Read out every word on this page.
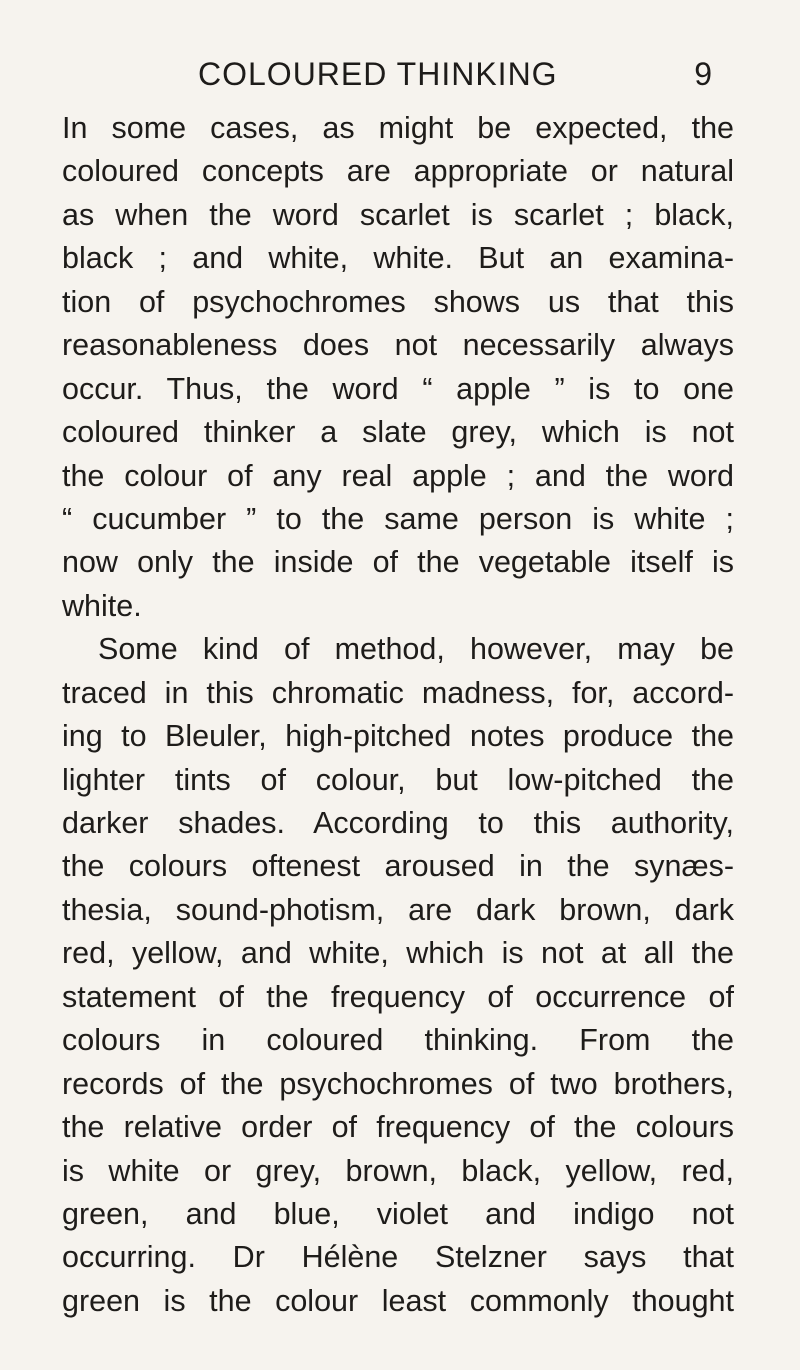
COLOURED THINKING	9
In some cases, as might be expected, the
coloured concepts are appropriate or natural
as when the word scarlet is scarlet ; black,
black ; and white, white. But an examina-
tion of psychochromes shows us that this
reasonableness does not necessarily always
occur. Thus, the word “ apple ” is to one
coloured thinker a slate grey, which is not
the colour of any real apple ; and the word
“ cucumber ” to the same person is white ;
now only the inside of the vegetable itself is
white.
Some kind of method, however, may be
traced in this chromatic madness, for, accord-
ing to Bleuler, high-pitched notes produce the
lighter tints of colour, but low-pitched the
darker shades. According to this authority,
the colours oftenest aroused in the synæs-
thesia, sound-photism, are dark brown, dark
red, yellow, and white, which is not at all the
statement of the frequency of occurrence of
colours in coloured thinking. From the
records of the psychochromes of two brothers,
the relative order of frequency of the colours
is white or grey, brown, black, yellow, red,
green, and blue, violet and indigo not
occurring. Dr Hélène Stelzner says that
green is the colour least commonly thought
